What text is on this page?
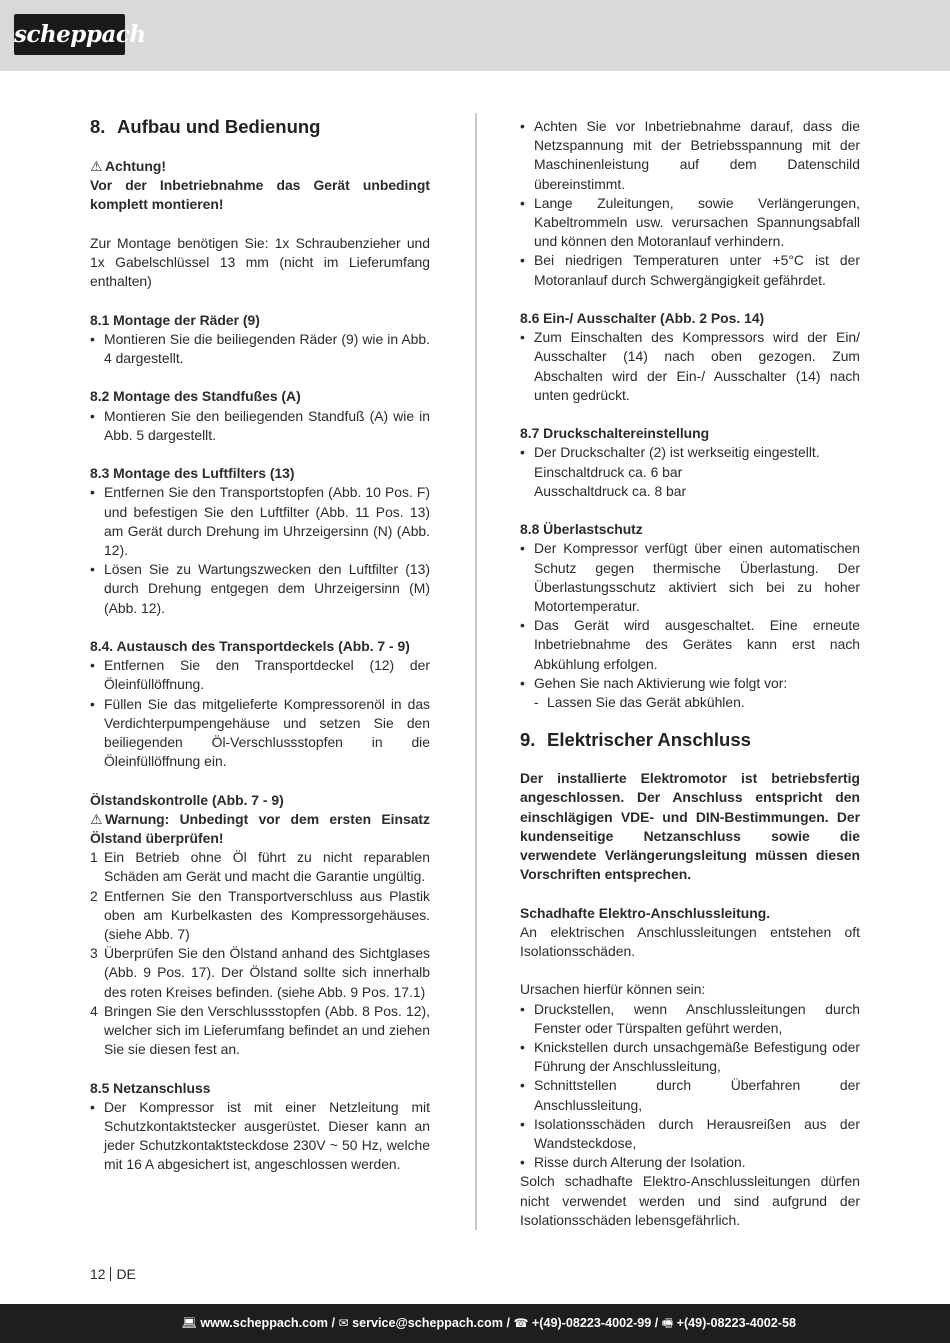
scheppach
8. Aufbau und Bedienung

⚠ Achtung!

Vor der Inbetriebnahme das Gerät unbedingt komplett montieren!

Zur Montage benötigen Sie: 1x Schraubenzieher und 1x Gabelschlüssel 13 mm (nicht im Lieferumfang enthalten)

8.1 Montage der Räder (9)

• Montieren Sie die beiliegenden Räder (9) wie in Abb. 4 dargestellt.

8.2 Montage des Standfußes (A)

• Montieren Sie den beiliegenden Standfuß (A) wie in Abb. 5 dargestellt.

8.3 Montage des Luftfilters (13)

• Entfernen Sie den Transportstopfen (Abb. 10 Pos. F) und befestigen Sie den Luftfilter (Abb. 11 Pos. 13) am Gerät durch Drehung im Uhrzeigersinn (N) (Abb. 12).
• Lösen Sie zu Wartungszwecken den Luftfilter (13) durch Drehung entgegen dem Uhrzeigersinn (M) (Abb. 12).

8.4. Austausch des Transportdeckels (Abb. 7 - 9)

• Entfernen Sie den Transportdeckel (12) der Öleinfüllöffnung.
• Füllen Sie das mitgelieferte Kompressorenöl in das Verdichterpumpengehäuse und setzen Sie den beiliegenden Öl-Verschlussstopfen in die Öleinfüllöffnung ein.

Ölstandskontrolle (Abb. 7 - 9)

⚠ Warnung: Unbedingt vor dem ersten Einsatz Ölstand überprüfen!

1 Ein Betrieb ohne Öl führt zu nicht reparablen Schäden am Gerät und macht die Garantie ungültig.
2 Entfernen Sie den Transportverschluss aus Plastik oben am Kurbelkasten des Kompressorgehäuses. (siehe Abb. 7)
3 Überprüfen Sie den Ölstand anhand des Sichtglases (Abb. 9 Pos. 17). Der Ölstand sollte sich innerhalb des roten Kreises befinden. (siehe Abb. 9 Pos. 17.1)
4 Bringen Sie den Verschlussstopfen (Abb. 8 Pos. 12), welcher sich im Lieferumfang befindet an und ziehen Sie sie diesen fest an.

8.5 Netzanschluss

• Der Kompressor ist mit einer Netzleitung mit Schutzkontaktstecker ausgerüstet. Dieser kann an jeder Schutzkontaktsteckdose 230V ~ 50 Hz, welche mit 16 A abgesichert ist, angeschlossen werden.
• Achten Sie vor Inbetriebnahme darauf, dass die Netzspannung mit der Betriebsspannung mit der Maschinenleistung auf dem Datenschild übereinstimmt.
• Lange Zuleitungen, sowie Verlängerungen, Kabeltrommeln usw. verursachen Spannungsabfall und können den Motoranlauf verhindern.
• Bei niedrigen Temperaturen unter +5°C ist der Motoranlauf durch Schwergängigkeit gefährdet.

8.6 Ein-/ Ausschalter (Abb. 2 Pos. 14)

• Zum Einschalten des Kompressors wird der Ein/ Ausschalter (14) nach oben gezogen. Zum Abschalten wird der Ein-/ Ausschalter (14) nach unten gedrückt.

8.7 Druckschaltereinstellung

• Der Druckschalter (2) ist werkseitig eingestellt.

Einschaltdruck ca. 6 bar

Ausschaltdruck ca. 8 bar

8.8 Überlastschutz

• Der Kompressor verfügt über einen automatischen Schutz gegen thermische Überlastung. Der Überlastungsschutz aktiviert sich bei zu hoher Motortemperatur.
• Das Gerät wird ausgeschaltet. Eine erneute Inbetriebnahme des Gerätes kann erst nach Abkühlung erfolgen.
• Gehen Sie nach Aktivierung wie folgt vor:
- Lassen Sie das Gerät abkühlen.
9. Elektrischer Anschluss

Der installierte Elektromotor ist betriebsfertig angeschlossen. Der Anschluss entspricht den einschlägigen VDE- und DIN-Bestimmungen. Der kundenseitige Netzanschluss sowie die verwendete Verlängerungsleitung müssen diesen Vorschriften entsprechen.

Schadhafte Elektro-Anschlussleitung.

An elektrischen Anschlussleitungen entstehen oft Isolationsschäden.

Ursachen hierfür können sein:

• Druckstellen, wenn Anschlussleitungen durch Fenster oder Türspalten geführt werden,
• Knickstellen durch unsachgemäße Befestigung oder Führung der Anschlussleitung,
• Schnittstellen durch Überfahren der Anschlussleitung,
• Isolationsschäden durch Herausreißen aus der Wandsteckdose,
• Risse durch Alterung der Isolation.

Solch schadhafte Elektro-Anschlussleitungen dürfen nicht verwendet werden und sind aufgrund der Isolationsschäden lebensgefährlich.

12 DE
💻︎ www.scheppach.com / ✉ service@scheppach.com / ☎ +(49)-08223-4002-99 / 🖷︎ +(49)-08223-4002-58
